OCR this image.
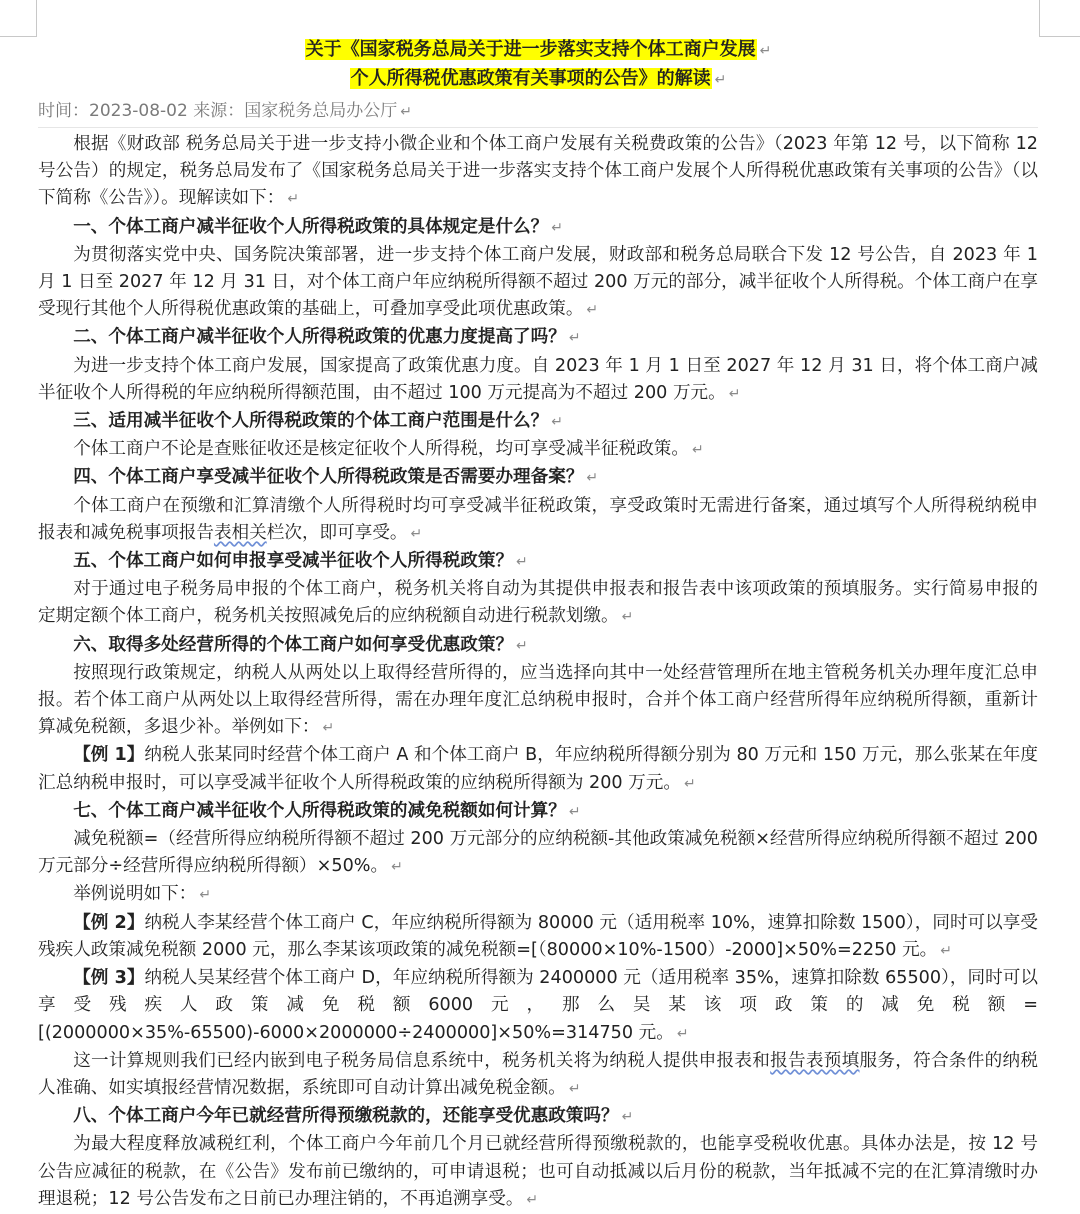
关于《国家税务总局关于进一步落实支持个体工商户发展 ↵
个人所得税优惠政策有关事项的公告》的解读 ↵
时间：2023-08-02 来源：国家税务总局办公厅 ↵

根据《财政部 税务总局关于进一步支持小微企业和个体工商户发展有关税费政策的公告》（2023 年第 12 号，以下简称 12 号公告）的规定，税务总局发布了《国家税务总局关于进一步落实支持个体工商户发展个人所得税优惠政策有关事项的公告》（以下简称《公告》）。现解读如下： ↵

一、个体工商户减半征收个人所得税政策的具体规定是什么？ ↵

为贯彻落实党中央、国务院决策部署，进一步支持个体工商户发展，财政部和税务总局联合下发 12 号公告，自 2023 年 1 月 1 日至 2027 年 12 月 31 日，对个体工商户年应纳税所得额不超过 200 万元的部分，减半征收个人所得税。个体工商户在享受现行其他个人所得税优惠政策的基础上，可叠加享受此项优惠政策。 ↵

二、个体工商户减半征收个人所得税政策的优惠力度提高了吗？ ↵

为进一步支持个体工商户发展，国家提高了政策优惠力度。自 2023 年 1 月 1 日至 2027 年 12 月 31 日，将个体工商户减半征收个人所得税的年应纳税所得额范围，由不超过 100 万元提高为不超过 200 万元。 ↵

三、适用减半征收个人所得税政策的个体工商户范围是什么？ ↵

个体工商户不论是查账征收还是核定征收个人所得税，均可享受减半征税政策。 ↵

四、个体工商户享受减半征收个人所得税政策是否需要办理备案？ ↵

个体工商户在预缴和汇算清缴个人所得税时均可享受减半征税政策，享受政策时无需进行备案，通过填写个人所得税纳税申报表和减免税事项报告表相关栏次，即可享受。 ↵

五、个体工商户如何申报享受减半征收个人所得税政策？ ↵

对于通过电子税务局申报的个体工商户，税务机关将自动为其提供申报表和报告表中该项政策的预填服务。实行简易申报的定期定额个体工商户，税务机关按照减免后的应纳税额自动进行税款划缴。 ↵

六、取得多处经营所得的个体工商户如何享受优惠政策？ ↵

按照现行政策规定，纳税人从两处以上取得经营所得的，应当选择向其中一处经营管理所在地主管税务机关办理年度汇总申报。若个体工商户从两处以上取得经营所得，需在办理年度汇总纳税申报时，合并个体工商户经营所得年应纳税所得额，重新计算减免税额，多退少补。举例如下： ↵

【例 1】纳税人张某同时经营个体工商户 A 和个体工商户 B，年应纳税所得额分别为 80 万元和 150 万元，那么张某在年度汇总纳税申报时，可以享受减半征收个人所得税政策的应纳税所得额为 200 万元。 ↵

七、个体工商户减半征收个人所得税政策的减免税额如何计算？ ↵

减免税额=（经营所得应纳税所得额不超过 200 万元部分的应纳税额-其他政策减免税额×经营所得应纳税所得额不超过 200 万元部分÷经营所得应纳税所得额）×50%。 ↵

举例说明如下： ↵

【例 2】纳税人李某经营个体工商户 C，年应纳税所得额为 80000 元（适用税率 10%，速算扣除数 1500），同时可以享受残疾人政策减免税额 2000 元，那么李某该项政策的减免税额=[（80000×10%-1500）-2000]×50%=2250 元。 ↵

【例 3】纳税人吴某经营个体工商户 D，年应纳税所得额为 2400000 元（适用税率 35%，速算扣除数 65500），同时可以享受残疾人政策减免税额6000元，那么吴某该项政策的减免税额=[(2000000×35%-65500)-6000×2000000÷2400000]×50%=314750 元。 ↵

这一计算规则我们已经内嵌到电子税务局信息系统中，税务机关将为纳税人提供申报表和报告表预填服务，符合条件的纳税人准确、如实填报经营情况数据，系统即可自动计算出减免税金额。 ↵

八、个体工商户今年已就经营所得预缴税款的，还能享受优惠政策吗？ ↵

为最大程度释放减税红利，个体工商户今年前几个月已就经营所得预缴税款的，也能享受税收优惠。具体办法是，按 12 号公告应减征的税款，在《公告》发布前已缴纳的，可申请退税；也可自动抵减以后月份的税款，当年抵减不完的在汇算清缴时办理退税；12 号公告发布之日前已办理注销的，不再追溯享受。 ↵
